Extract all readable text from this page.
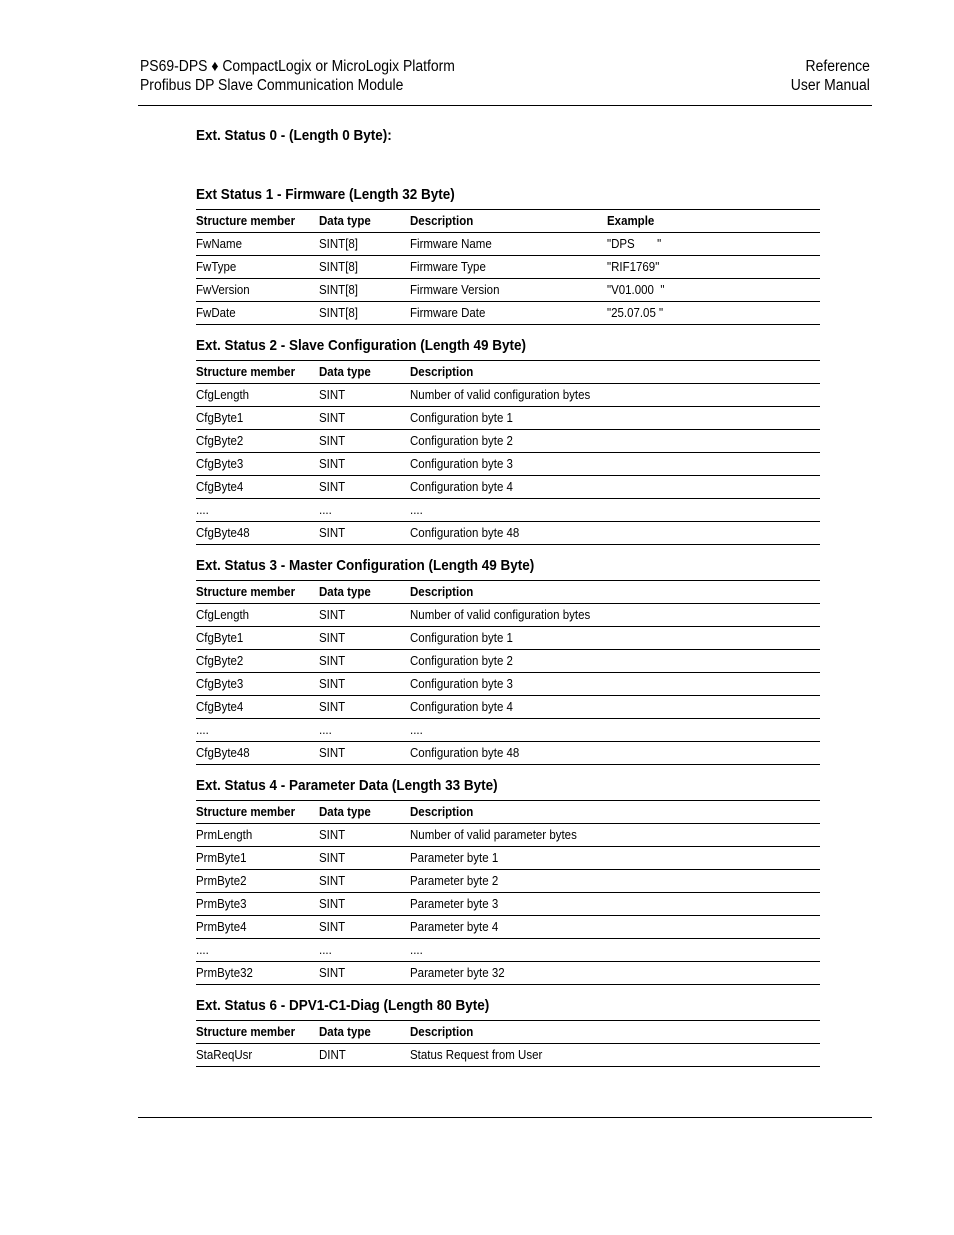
PS69-DPS ♦ CompactLogix or MicroLogix Platform
Profibus DP Slave Communication Module
Reference
User Manual
Ext. Status 0 - (Length 0 Byte):
Ext Status 1 - Firmware (Length 32 Byte)
Structure member	Data type	Description	Example
FwName	SINT[8]	Firmware Name	"DPS       "
FwType	SINT[8]	Firmware Type	"RIF1769"
FwVersion	SINT[8]	Firmware Version	"V01.000  "
FwDate	SINT[8]	Firmware Date	"25.07.05 "
Ext. Status 2 - Slave Configuration (Length 49 Byte)
Structure member	Data type	Description
CfgLength	SINT	Number of valid configuration bytes
CfgByte1	SINT	Configuration byte 1
CfgByte2	SINT	Configuration byte 2
CfgByte3	SINT	Configuration byte 3
CfgByte4	SINT	Configuration byte 4
....	....	....
CfgByte48	SINT	Configuration byte 48
Ext. Status 3 - Master Configuration (Length 49 Byte)
Structure member	Data type	Description
CfgLength	SINT	Number of valid configuration bytes
CfgByte1	SINT	Configuration byte 1
CfgByte2	SINT	Configuration byte 2
CfgByte3	SINT	Configuration byte 3
CfgByte4	SINT	Configuration byte 4
....	....	....
CfgByte48	SINT	Configuration byte 48
Ext. Status 4 - Parameter Data (Length 33 Byte)
Structure member	Data type	Description
PrmLength	SINT	Number of valid parameter bytes
PrmByte1	SINT	Parameter byte 1
PrmByte2	SINT	Parameter byte 2
PrmByte3	SINT	Parameter byte 3
PrmByte4	SINT	Parameter byte 4
....	....	....
PrmByte32	SINT	Parameter byte 32
Ext. Status 6 - DPV1-C1-Diag (Length 80 Byte)
Structure member	Data type	Description
StaReqUsr	DINT	Status Request from User
